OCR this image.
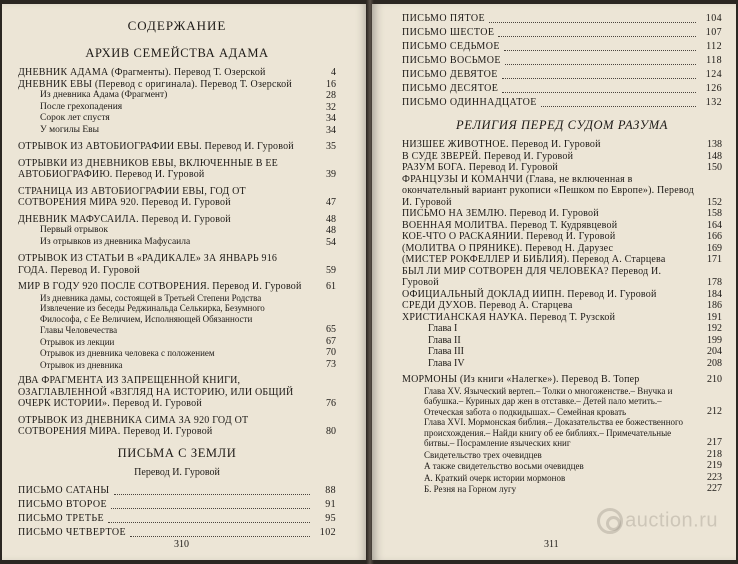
СОДЕРЖАНИЕ
АРХИВ СЕМЕЙСТВА АДАМА
ДНЕВНИК АДАМА (Фрагменты). Перевод Т. Озерской	4
ДНЕВНИК ЕВЫ (Перевод с оригинала). Перевод Т. Озерской	16
Из дневника Адама (Фрагмент)	28
После грехопадения	32
Сорок лет спустя	34
У могилы Евы	34
ОТРЫВОК ИЗ АВТОБИОГРАФИИ ЕВЫ. Перевод И. Гуровой	35
ОТРЫВКИ ИЗ ДНЕВНИКОВ ЕВЫ, ВКЛЮЧЕННЫЕ В ЕЕ АВТОБИОГРАФИЮ. Перевод И. Гуровой	39
СТРАНИЦА ИЗ АВТОБИОГРАФИИ ЕВЫ, ГОД ОТ СОТВОРЕНИЯ МИРА 920. Перевод И. Гуровой	47
ДНЕВНИК МАФУСАИЛА. Перевод И. Гуровой	48
Первый отрывок	48
Из отрывков из дневника Мафусаила	54
ОТРЫВОК ИЗ СТАТЬИ В «РАДИКАЛЕ» ЗА ЯНВАРЬ 916 ГОДА. Перевод И. Гуровой	59
МИР В ГОДУ 920 ПОСЛЕ СОТВОРЕНИЯ. Перевод И. Гуровой	61
Из дневника дамы, состоящей в Третьей Степени Родства
Извлечение из беседы Реджинальда Селькирка, Безумного Философа, с Ее Величием, Исполняющей Обязанности
Главы Человечества	65
Отрывок из лекции	67
Отрывок из дневника человека с положением	70
Отрывок из дневника	73
ДВА ФРАГМЕНТА ИЗ ЗАПРЕЩЕННОЙ КНИГИ, ОЗАГЛАВЛЕННОЙ «ВЗГЛЯД НА ИСТОРИЮ, ИЛИ ОБЩИЙ ОЧЕРК ИСТОРИИ». Перевод И. Гуровой	76
ОТРЫВОК ИЗ ДНЕВНИКА СИМА ЗА 920 ГОД ОТ СОТВОРЕНИЯ МИРА. Перевод И. Гуровой	80
ПИСЬМА С ЗЕМЛИ
Перевод И. Гуровой
ПИСЬМО САТАНЫ	88
ПИСЬМО ВТОРОЕ	91
ПИСЬМО ТРЕТЬЕ	95
ПИСЬМО ЧЕТВЕРТОЕ	102
310
ПИСЬМО ПЯТОЕ	104
ПИСЬМО ШЕСТОЕ	107
ПИСЬМО СЕДЬМОЕ	112
ПИСЬМО ВОСЬМОЕ	118
ПИСЬМО ДЕВЯТОЕ	124
ПИСЬМО ДЕСЯТОЕ	126
ПИСЬМО ОДИННАДЦАТОЕ	132
РЕЛИГИЯ ПЕРЕД СУДОМ РАЗУМА
НИЗШЕЕ ЖИВОТНОЕ. Перевод И. Гуровой	138
В СУДЕ ЗВЕРЕЙ. Перевод И. Гуровой	148
РАЗУМ БОГА. Перевод И. Гуровой	150
ФРАНЦУЗЫ И КОМАНЧИ (Глава, не включенная в окончательный вариант рукописи «Пешком по Европе»). Перевод И. Гуровой	152
ПИСЬМО НА ЗЕМЛЮ. Перевод И. Гуровой	158
ВОЕННАЯ МОЛИТВА. Перевод Т. Кудрявцевой	164
КОЕ-ЧТО О РАСКАЯНИИ. Перевод И. Гуровой	166
(МОЛИТВА О ПРЯНИКЕ). Перевод Н. Дарузес	169
(МИСТЕР РОКФЕЛЛЕР И БИБЛИЯ). Перевод А. Старцева	171
БЫЛ ЛИ МИР СОТВОРЕН ДЛЯ ЧЕЛОВЕКА? Перевод И. Гуровой	178
ОФИЦИАЛЬНЫЙ ДОКЛАД ИИПН. Перевод И. Гуровой	184
СРЕДИ ДУХОВ. Перевод А. Старцева	186
ХРИСТИАНСКАЯ НАУКА. Перевод Т. Рузской	191
Глава I	192
Глава II	199
Глава III	204
Глава IV	208
МОРМОНЫ (Из книги «Налегке»). Перевод В. Топер	210
Глава XV. Языческий вертеп.– Толки о многоженстве.– Внучка и бабушка.– Куриных дар жен в отставке.– Детей пало метить.– Отеческая забота о подкидышах.– Семейная кровать	212
Глава XVI. Мормонская библия.– Доказательства ее божественного происхождения.– Найди книгу об ее библиях.– Примечательные битвы.– Посрамление языческих книг	217
Свидетельство трех очевидцев	218
А также свидетельство восьми очевидцев	219
А. Краткий очерк истории мормонов	223
Б. Резня на Горном лугу	227
auction.ru
311
